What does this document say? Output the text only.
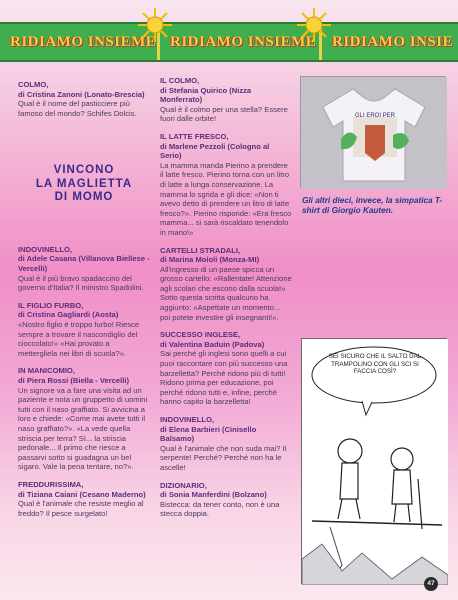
RIDIAMO INSIEME RIDIAMO INSIEME RIDIAMO INSIE
COLMO,
di Cristina Zanoni (Lonato-Brescia)
Qual è il nome del pasticciere più famoso del mondo? Schifes Dolcis.
VINCONO
LA MAGLIETTA
DI MOMO
INDOVINELLO,
di Adele Casana (Villanova Biellese - Vercelli)
Qual è il più bravo spadaccino del governo d'Italia? Il ministro Spadolini.
IL FIGLIO FURBO,
di Cristina Gagliardi (Aosta)
«Nostro figlio è troppo furbo! Riesce sempre a trovare il nascondiglio del cioccolato!» «Hai provato a mettergliela nei libri di scuola?».
IN MANICOMIO,
di Piera Rossi (Biella - Vercelli)
Un signore va a fare una visita ad un paziente e nota un gruppetto di uomini tutti con il naso graffiato. Si avvicina a loro e chiede: «Come mai avete tutti il naso graffiato?». «La vede quella striscia per terra? Sì... la striscia pedonale... Il primo che riesce a passarvi sotto si guadagna un bel sigaro. Vale la pena tentare, no?».
FREDDURISSIMA,
di Tiziana Caiani (Cesano Maderno)
Qual è l'animale che resiste meglio al freddo? Il pesce surgelato!
IL COLMO,
di Stefania Quirico (Nizza Monferrato)
Qual è il colmo per una stella? Essere fuori dalle orbite!
IL LATTE FRESCO,
di Marlene Pezzoli (Cologno al Serio)
La mamma manda Pierino a prendere il latte fresco. Pierino torna con un litro di latte a lunga conservazione. La mamma lo sgrida e gli dice: «Non ti avevo detto di prendere un litro di latte fresco?». Pierino risponde: «Era fresco mamma... si sarà riscaldato tenendolo in mano!»
CARTELLI STRADALI,
di Marina Moioli (Monza-MI)
All'ingresso di un paese spicca un grosso cartello: «Rallentate! Attenzione agli scolari che escono dalla scuola!» Sotto questa scritta qualcuno ha aggiunto: «Aspettate un momento... poi potete investire gli insegnanti!».
SUCCESSO INGLESE,
di Valentina Baduin (Padova)
Sai perché gli inglesi sono quelli a cui puoi raccontare con più successo una barzelletta? Perché ridono più di tutti! Ridono prima per educazione, poi perché ridono tutti e, infine, perché hanno capito la barzelletta!
INDOVINELLO,
di Elena Barbieri (Cinisello Balsamo)
Qual è l'animale che non suda mai? Il serpente! Perché? Perché non ha le ascelle!
DIZIONARIO,
di Sonia Manferdini (Bolzano)
Bistecca: da tener conto, non è una stecca doppia.
GLI EROI PER
Gli altri dieci, invece, la simpatica T-shirt di Giorgio Kauten.
SEI SICURO CHE IL SALTO DAL TRAMPOLINO CON GLI SCI SI FACCIA COSÌ?
47
